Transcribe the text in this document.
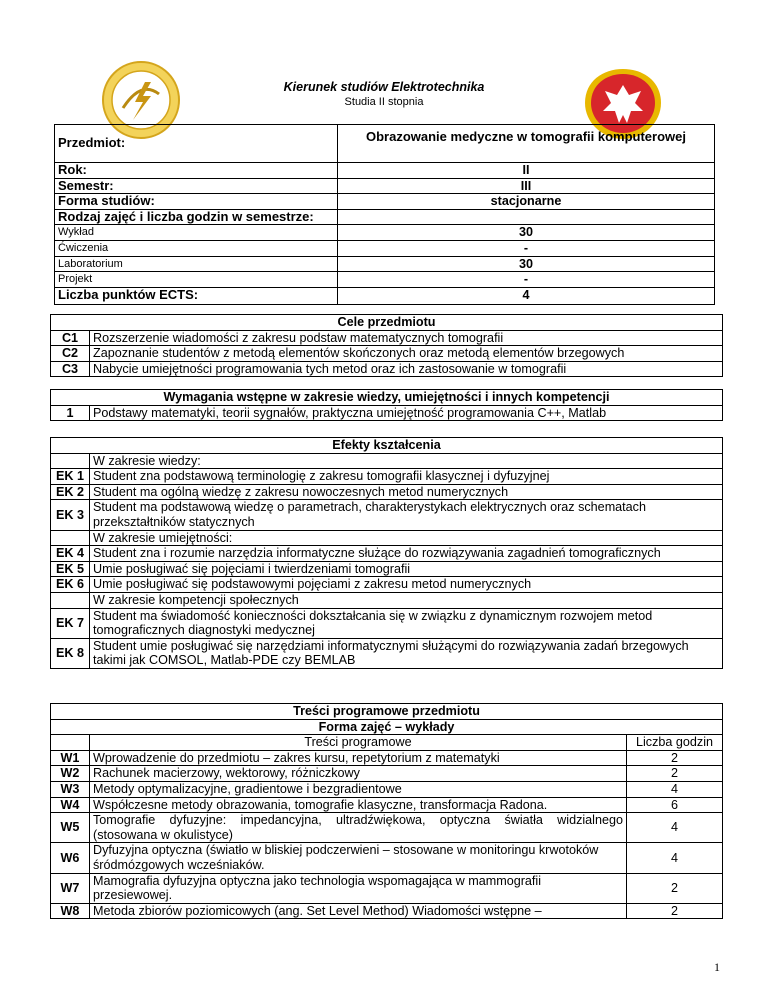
Kierunek studiów Elektrotechnika
Studia II stopnia
Przedmiot:	Obrazowanie medyczne w tomografii komputerowej
Rok:	II
Semestr:	III
Forma studiów:	stacjonarne
Rodzaj zajęć i liczba godzin w semestrze:	
Wykład	30
Ćwiczenia	-
Laboratorium	30
Projekt	-
Liczba punktów ECTS:	4
Cele przedmiotu	
C1	Rozszerzenie wiadomości z zakresu podstaw matematycznych tomografii
C2	Zapoznanie studentów z metodą elementów skończonych oraz metodą elementów brzegowych
C3	Nabycie umiejętności programowania tych metod oraz ich zastosowanie w tomografii
Wymagania wstępne w zakresie wiedzy, umiejętności i innych kompetencji
1	Podstawy matematyki, teorii sygnałów, praktyczna umiejętność programowania C++, Matlab
Efekty kształcenia	
	W zakresie wiedzy:
EK 1	Student zna podstawową terminologię z zakresu tomografii klasycznej i dyfuzyjnej
EK 2	Student ma ogólną wiedzę z zakresu nowoczesnych metod numerycznych
EK 3	Student ma podstawową wiedzę o parametrach, charakterystykach elektrycznych oraz schematach przekształtników statycznych
	W zakresie umiejętności:
EK 4	Student zna i rozumie narzędzia informatyczne służące do rozwiązywania zagadnień tomograficznych
EK 5	Umie posługiwać się pojęciami i twierdzeniami tomografii
EK 6	Umie posługiwać się podstawowymi pojęciami z zakresu metod numerycznych
	W zakresie kompetencji społecznych
EK 7	Student ma świadomość konieczności dokształcania się w związku z dynamicznym rozwojem metod tomograficznych diagnostyki medycznej
EK 8	Student umie posługiwać się narzędziami informatycznymi służącymi do rozwiązywania zadań brzegowych takimi jak COMSOL, Matlab-PDE czy BEMLAB
Treści programowe przedmiotu		
Forma zajęć – wykłady		
	Treści programowe	Liczba godzin
W1	Wprowadzenie do przedmiotu – zakres kursu, repetytorium z matematyki	2
W2	Rachunek macierzowy, wektorowy, różniczkowy	2
W3	Metody optymalizacyjne, gradientowe i bezgradientowe	4
W4	Współczesne metody obrazowania, tomografie klasyczne, transformacja Radona.	6
W5	Tomografie dyfuzyjne: impedancyjna, ultradźwiękowa, optyczna światła widzialnego (stosowana w okulistyce)	4
W6	Dyfuzyjna optyczna (światło w bliskiej podczerwieni – stosowane w monitoringu krwotoków śródmózgowych wcześniaków.	4
W7	Mamografia dyfuzyjna optyczna jako technologia wspomagająca w mammografii przesiewowej.	2
W8	Metoda zbiorów poziomicowych (ang. Set Level Method) Wiadomości wstępne –	2
1
